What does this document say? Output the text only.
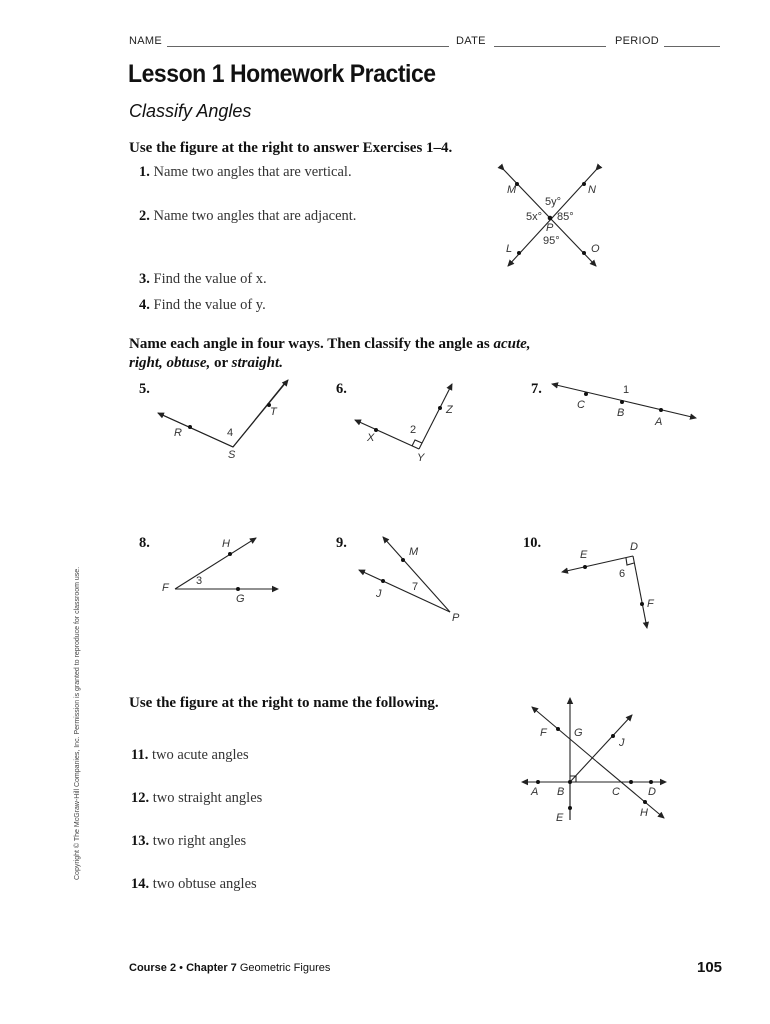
NAME	DATE	PERIOD
Lesson 1 Homework Practice
Classify Angles
Use the figure at the right to answer Exercises 1–4.
1. Name two angles that are vertical.
2. Name two angles that are adjacent.
3. Find the value of x.
4. Find the value of y.
Name each angle in four ways. Then classify the angle as acute,
right, obtuse, or straight.
5.	6.	7.
8.	9.	10.
M	N
5y°
5x° 85°
P
95°
L	O
R	4
T
S
Z
2
X
Y
1
C
B
A
H
F
3
G
M
J
7
P
D
E
6
F
Use the figure at the right to name the following.
11. two acute angles
12. two straight angles
13. two right angles
14. two obtuse angles
F G
J
A B	C	D
E	H
Copyright © The McGraw-Hill Companies, Inc. Permission is granted to reproduce for classroom use.
Course 2 • Chapter 7 Geometric Figures	105
